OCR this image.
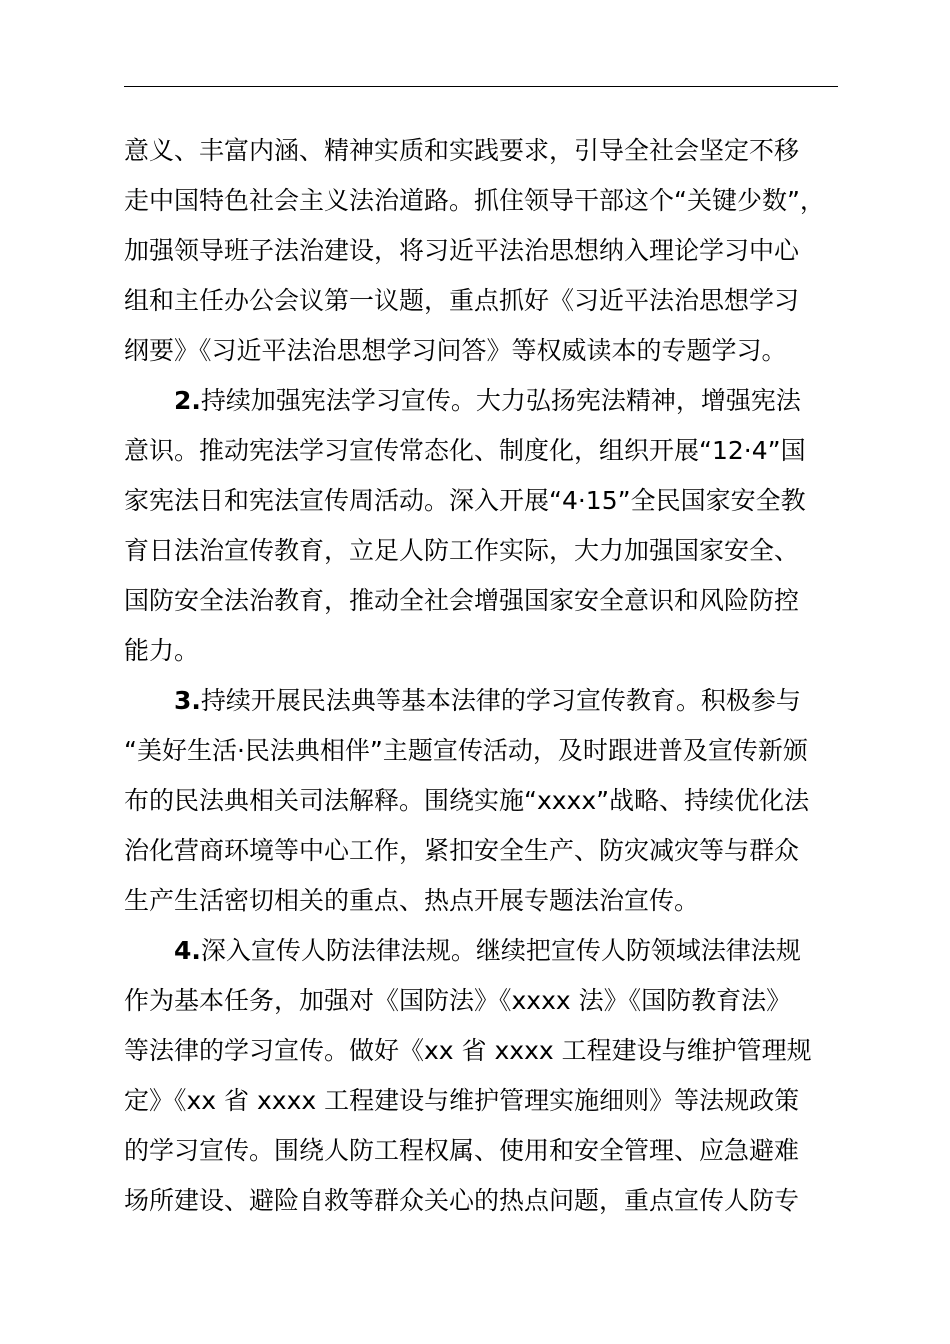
意义、丰富内涵、精神实质和实践要求，引导全社会坚定不移
走中国特色社会主义法治道路。抓住领导干部这个“关键少数”，
加强领导班子法治建设，将习近平法治思想纳入理论学习中心
组和主任办公会议第一议题，重点抓好《习近平法治思想学习
纲要》《习近平法治思想学习问答》等权威读本的专题学习。
2.持续加强宪法学习宣传。大力弘扬宪法精神，增强宪法
意识。推动宪法学习宣传常态化、制度化，组织开展“12·4”国
家宪法日和宪法宣传周活动。深入开展“4·15”全民国家安全教
育日法治宣传教育，立足人防工作实际，大力加强国家安全、
国防安全法治教育，推动全社会增强国家安全意识和风险防控
能力。
3.持续开展民法典等基本法律的学习宣传教育。积极参与
“美好生活·民法典相伴”主题宣传活动，及时跟进普及宣传新颁
布的民法典相关司法解释。围绕实施“xxxx”战略、持续优化法
治化营商环境等中心工作，紧扣安全生产、防灾减灾等与群众
生产生活密切相关的重点、热点开展专题法治宣传。
4.深入宣传人防法律法规。继续把宣传人防领域法律法规
作为基本任务，加强对《国防法》《xxxx 法》《国防教育法》
等法律的学习宣传。做好《xx 省 xxxx 工程建设与维护管理规
定》《xx 省 xxxx 工程建设与维护管理实施细则》等法规政策
的学习宣传。围绕人防工程权属、使用和安全管理、应急避难
场所建设、避险自救等群众关心的热点问题，重点宣传人防专
